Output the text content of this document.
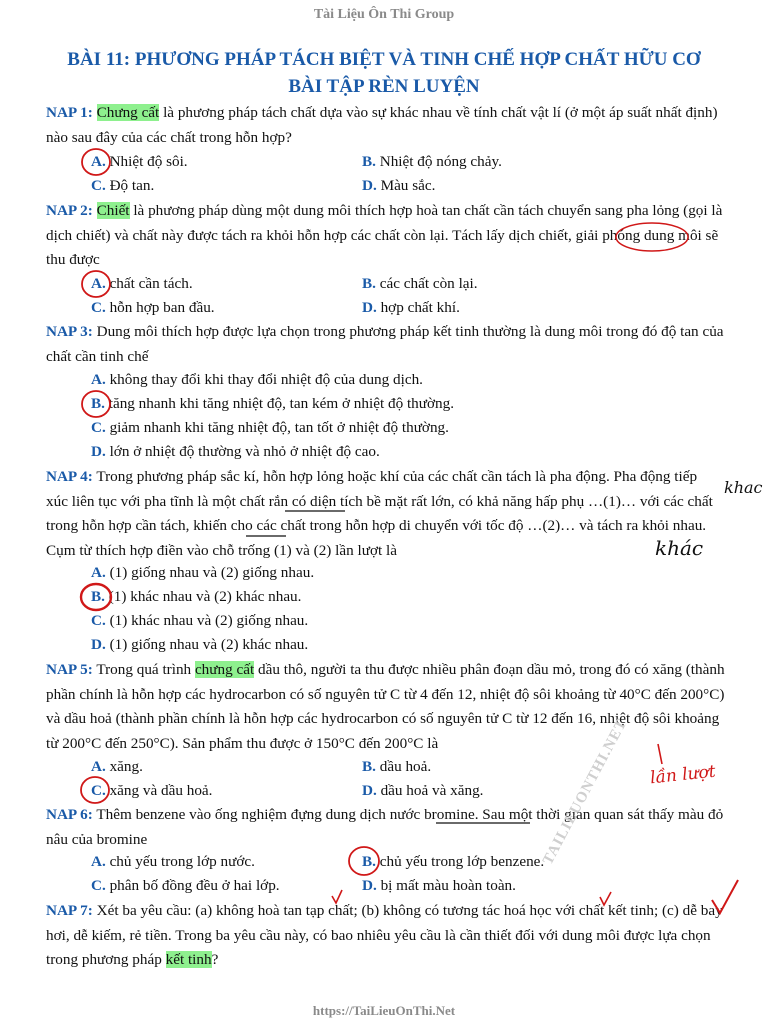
Tài Liệu Ôn Thi Group
BÀI 11: PHƯƠNG PHÁP TÁCH BIỆT VÀ TINH CHẾ HỢP CHẤT HỮU CƠ
BÀI TẬP RÈN LUYỆN
NAP 1: Chưng cất là phương pháp tách chất dựa vào sự khác nhau về tính chất vật lí (ở một áp suất nhất định) nào sau đây của các chất trong hỗn hợp?
A. Nhiệt độ sôi.	B. Nhiệt độ nóng chảy.
C. Độ tan.	D. Màu sắc.
NAP 2: Chiết là phương pháp dùng một dung môi thích hợp hoà tan chất cần tách chuyển sang pha lỏng (gọi là dịch chiết) và chất này được tách ra khỏi hỗn hợp các chất còn lại. Tách lấy dịch chiết, giải phóng dung môi sẽ thu được
A. chất cần tách.	B. các chất còn lại.
C. hỗn hợp ban đầu.	D. hợp chất khí.
NAP 3: Dung môi thích hợp được lựa chọn trong phương pháp kết tinh thường là dung môi trong đó độ tan của chất cần tinh chế
A. không thay đổi khi thay đổi nhiệt độ của dung dịch.
B. tăng nhanh khi tăng nhiệt độ, tan kém ở nhiệt độ thường.
C. giảm nhanh khi tăng nhiệt độ, tan tốt ở nhiệt độ thường.
D. lớn ở nhiệt độ thường và nhỏ ở nhiệt độ cao.
NAP 4: Trong phương pháp sắc kí, hỗn hợp lỏng hoặc khí của các chất cần tách là pha động. Pha động tiếp xúc liên tục với pha tĩnh là một chất rắn có diện tích bề mặt rất lớn, có khả năng hấp phụ …(1)… với các chất trong hỗn hợp cần tách, khiến cho các chất trong hỗn hợp di chuyển với tốc độ …(2)… và tách ra khỏi nhau. Cụm từ thích hợp điền vào chỗ trống (1) và (2) lần lượt là
A. (1) giống nhau và (2) giống nhau.
B. (1) khác nhau và (2) khác nhau.
C. (1) khác nhau và (2) giống nhau.
D. (1) giống nhau và (2) khác nhau.
NAP 5: Trong quá trình chưng cất dầu thô, người ta thu được nhiều phân đoạn dầu mỏ, trong đó có xăng (thành phần chính là hỗn hợp các hydrocarbon có số nguyên tử C từ 4 đến 12, nhiệt độ sôi khoảng từ 40°C đến 200°C) và dầu hoả (thành phần chính là hỗn hợp các hydrocarbon có số nguyên tử C từ 12 đến 16, nhiệt độ sôi khoảng từ 200°C đến 250°C). Sản phẩm thu được ở 150°C đến 200°C là
A. xăng.	B. dầu hoả.
C. xăng và dầu hoả.	D. dầu hoả và xăng.
NAP 6: Thêm benzene vào ống nghiệm đựng dung dịch nước bromine. Sau một thời gian quan sát thấy màu đỏ nâu của bromine
A. chủ yếu trong lớp nước.	B. chủ yếu trong lớp benzene.
C. phân bố đồng đều ở hai lớp.	D. bị mất màu hoàn toàn.
NAP 7: Xét ba yêu cầu: (a) không hoà tan tạp chất; (b) không có tương tác hoá học với chất kết tinh; (c) dễ bay hơi, dễ kiếm, rẻ tiền. Trong ba yêu cầu này, có bao nhiêu yêu cầu là cần thiết đối với dung môi được lựa chọn trong phương pháp kết tinh?
TAILIEUONTHI.NET
https://TaiLieuOnThi.Net
khac
khác
lần lượt
